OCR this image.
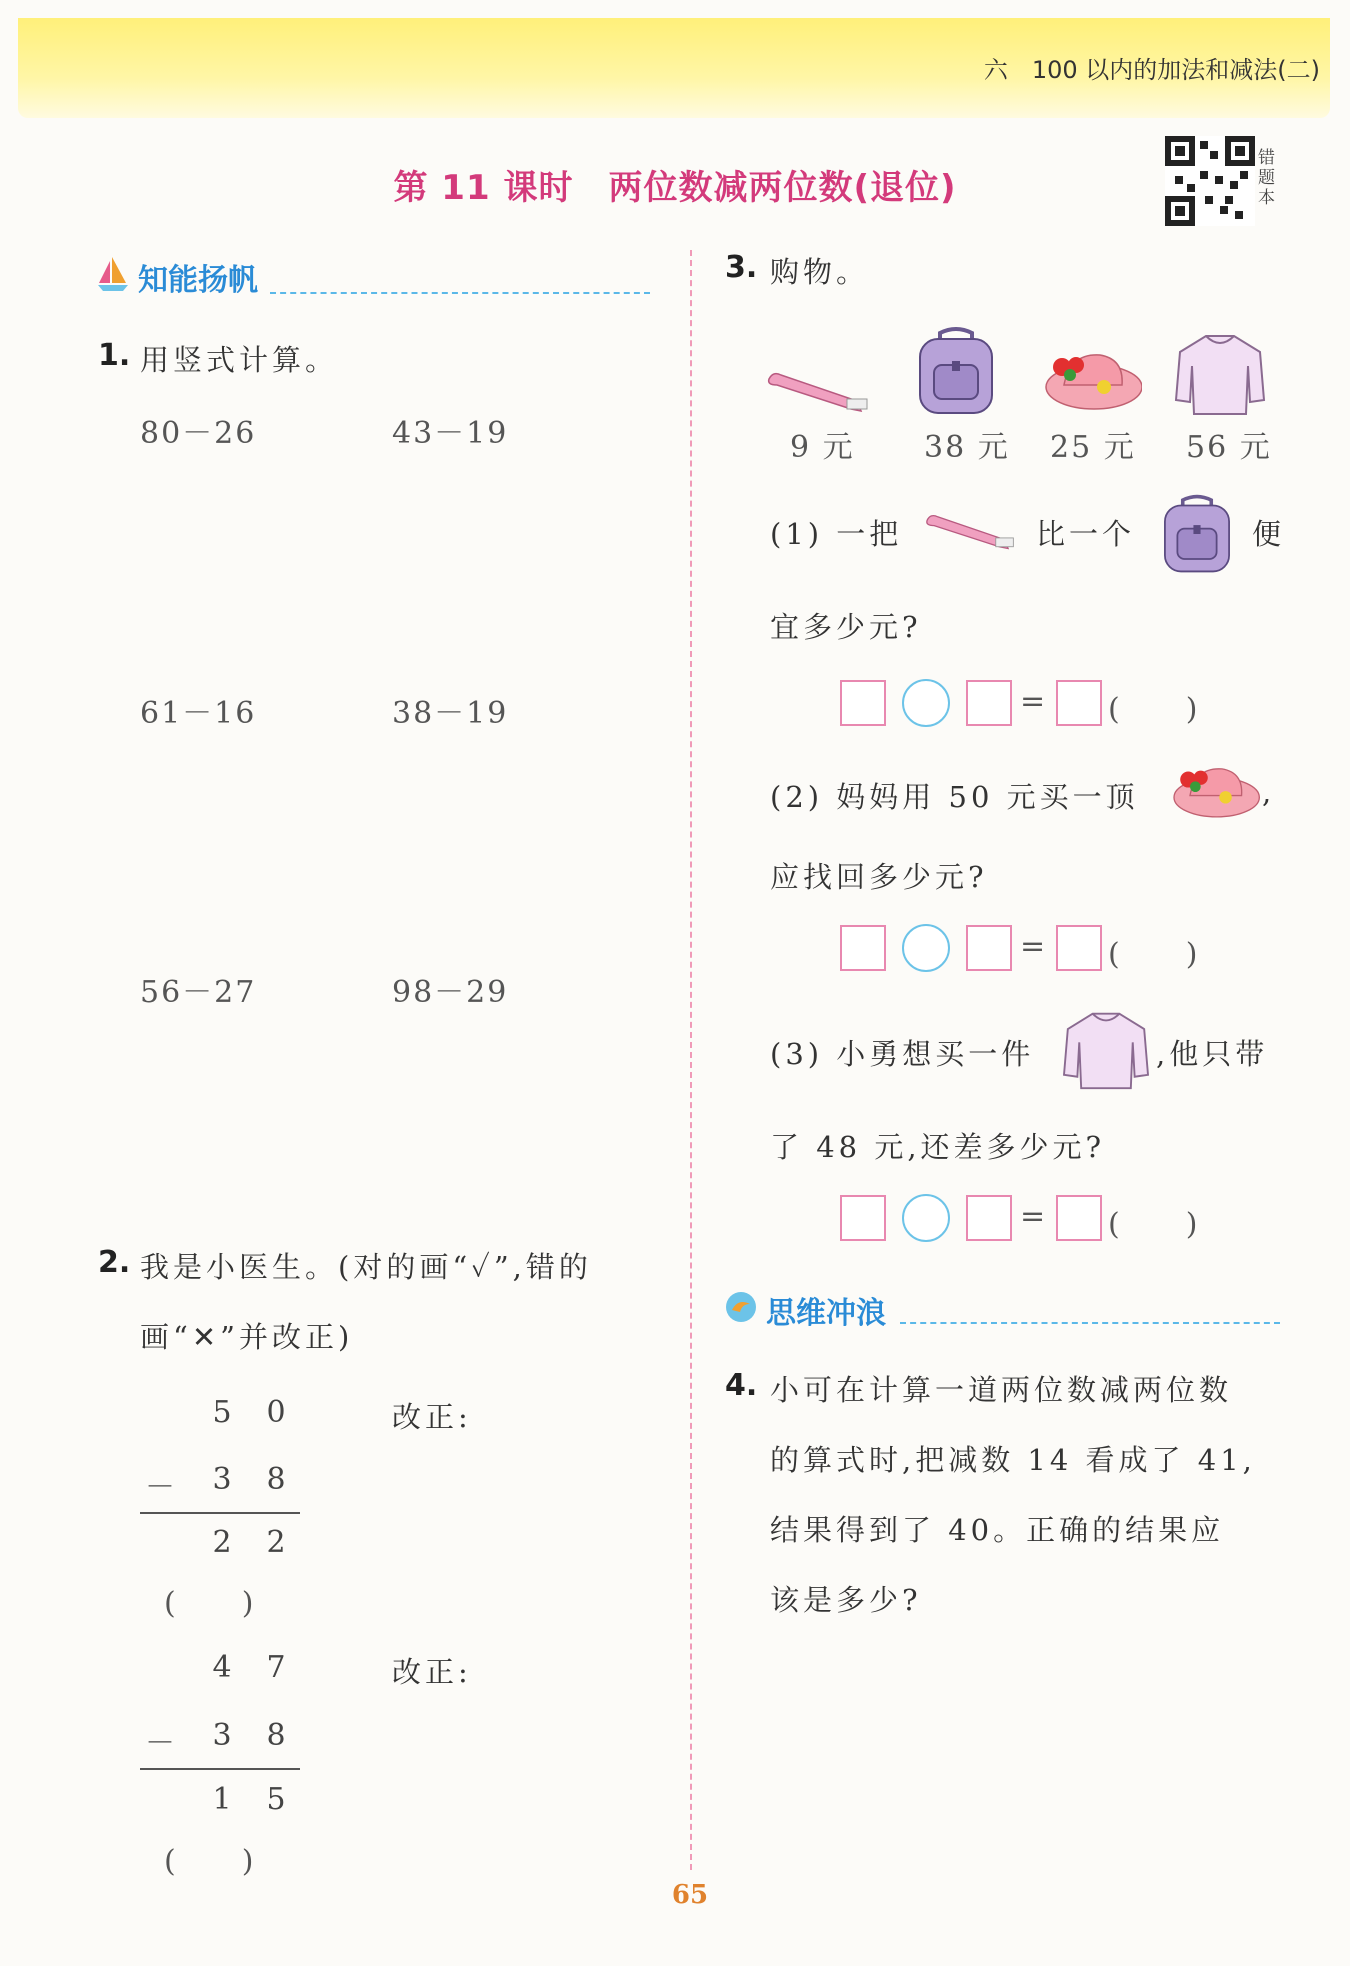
六　100 以内的加法和减法(二)
第 11 课时　两位数减两位数(退位)
错题本
知能扬帆
1. 用竖式计算。
80－26	43－19
61－16	38－19
56－27	98－29
2. 我是小医生。(对的画“✓”,错的
画“✕”并改正)
5	0
－	3	8
2	2
(　　)
改正:
4	7
－	3	8
1	5
(　　)
改正:
3. 购物。
9 元 38 元 25 元 56 元
(1) 一把	比一个	便
宜多少元?
= (　　)
(2) 妈妈用 50 元买一顶	,
应找回多少元?
= (　　)
(3) 小勇想买一件	,他只带
了 48 元,还差多少元?
= (　　)
思维冲浪
4. 小可在计算一道两位数减两位数
的算式时,把减数 14 看成了 41,
结果得到了 40。正确的结果应
该是多少?
65
